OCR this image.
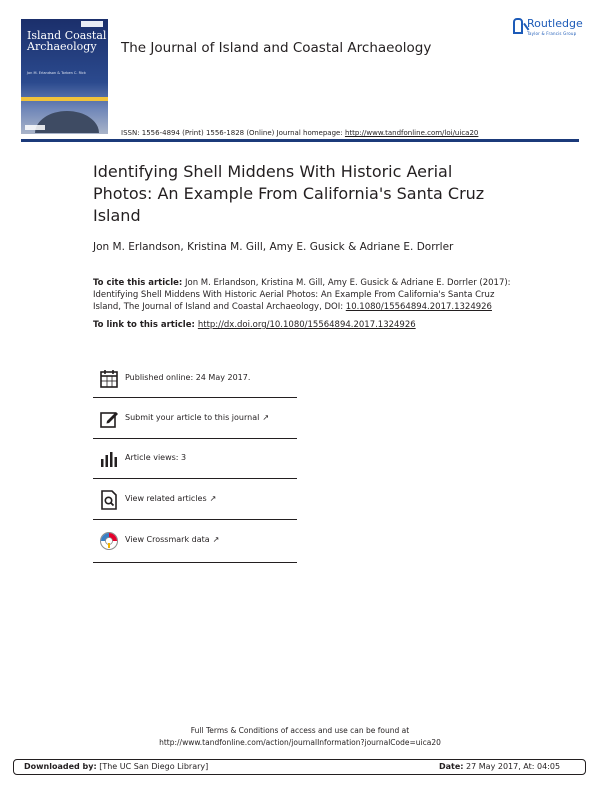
Island Coastal Archaeology
Jon M. Erlandson & Torben C. Rick
The Journal of Island and Coastal Archaeology
Routledge
Taylor & Francis Group
ISSN: 1556-4894 (Print) 1556-1828 (Online) Journal homepage: http://www.tandfonline.com/loi/uica20
Identifying Shell Middens With Historic Aerial Photos: An Example From California's Santa Cruz Island
Jon M. Erlandson, Kristina M. Gill, Amy E. Gusick & Adriane E. Dorrler
To cite this article: Jon M. Erlandson, Kristina M. Gill, Amy E. Gusick & Adriane E. Dorrler (2017): Identifying Shell Middens With Historic Aerial Photos: An Example From California's Santa Cruz Island, The Journal of Island and Coastal Archaeology, DOI: 10.1080/15564894.2017.1324926
To link to this article: http://dx.doi.org/10.1080/15564894.2017.1324926
Published online: 24 May 2017.
Submit your article to this journal ↗
Article views: 3
View related articles ↗
View Crossmark data ↗
Full Terms & Conditions of access and use can be found at
http://www.tandfonline.com/action/journalInformation?journalCode=uica20
Downloaded by: [The UC San Diego Library]	Date: 27 May 2017, At: 04:05
